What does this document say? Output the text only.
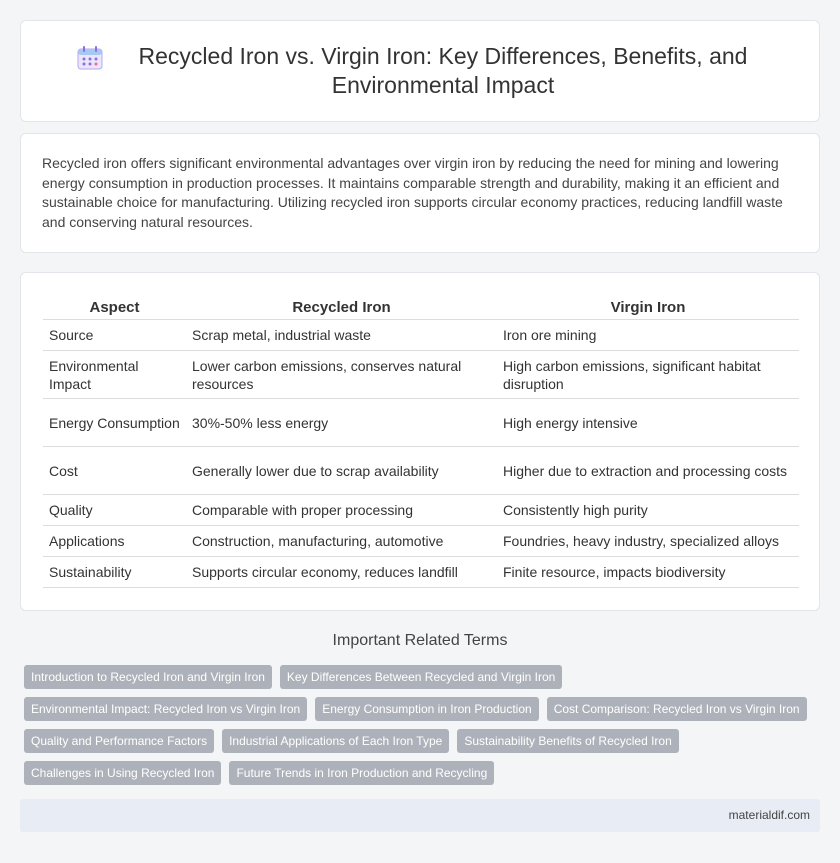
Recycled Iron vs. Virgin Iron: Key Differences, Benefits, and Environmental Impact

Recycled iron offers significant environmental advantages over virgin iron by reducing the need for mining and lowering energy consumption in production processes. It maintains comparable strength and durability, making it an efficient and sustainable choice for manufacturing. Utilizing recycled iron supports circular economy practices, reducing landfill waste and conserving natural resources.

Aspect	Recycled Iron	Virgin Iron
Source	Scrap metal, industrial waste	Iron ore mining
Environmental Impact	Lower carbon emissions, conserves natural resources	High carbon emissions, significant habitat disruption
Energy Consumption	30%-50% less energy	High energy intensive
Cost	Generally lower due to scrap availability	Higher due to extraction and processing costs
Quality	Comparable with proper processing	Consistently high purity
Applications	Construction, manufacturing, automotive	Foundries, heavy industry, specialized alloys
Sustainability	Supports circular economy, reduces landfill	Finite resource, impacts biodiversity
Important Related Terms
Introduction to Recycled Iron and Virgin Iron	Key Differences Between Recycled and Virgin Iron
Environmental Impact: Recycled Iron vs Virgin Iron	Energy Consumption in Iron Production	Cost Comparison: Recycled Iron vs Virgin Iron
Quality and Performance Factors	Industrial Applications of Each Iron Type	Sustainability Benefits of Recycled Iron
Challenges in Using Recycled Iron	Future Trends in Iron Production and Recycling
materialdif.com
